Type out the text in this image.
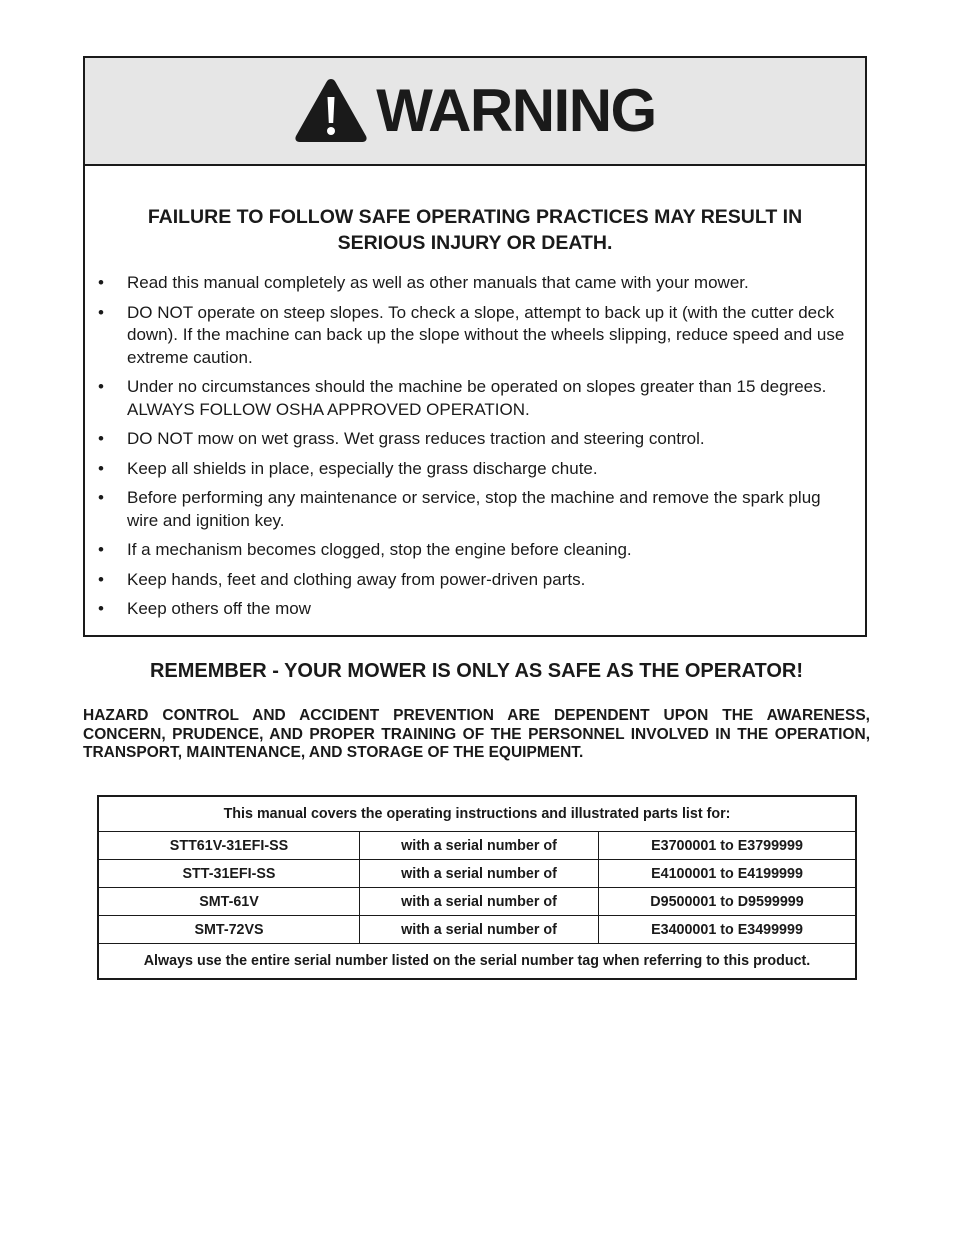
WARNING
FAILURE TO FOLLOW SAFE OPERATING PRACTICES MAY RESULT IN SERIOUS INJURY OR DEATH.
• Read this manual completely as well as other manuals that came with your mower.
• DO NOT operate on steep slopes. To check a slope, attempt to back up it (with the cutter deck down). If the machine can back up the slope without the wheels slipping, reduce speed and use extreme caution.
• Under no circumstances should the machine be operated on slopes greater than 15 degrees. ALWAYS FOLLOW OSHA APPROVED OPERATION.
• DO NOT mow on wet grass. Wet grass reduces traction and steering control.
• Keep all shields in place, especially the grass discharge chute.
• Before performing any maintenance or service, stop the machine and remove the spark plug wire and ignition key.
• If a mechanism becomes clogged, stop the engine before cleaning.
• Keep hands, feet and clothing away from power-driven parts.
• Keep others off the mow
REMEMBER - YOUR MOWER IS ONLY AS SAFE AS THE OPERATOR!
HAZARD CONTROL AND ACCIDENT PREVENTION ARE DEPENDENT UPON THE AWARENESS, CONCERN, PRUDENCE, AND PROPER TRAINING OF THE PERSONNEL INVOLVED IN THE OPERATION, TRANSPORT, MAINTENANCE, AND STORAGE OF THE EQUIPMENT.
This manual covers the operating instructions and illustrated parts list for:		
STT61V-31EFI-SS	with a serial number of	E3700001 to E3799999
STT-31EFI-SS	with a serial number of	E4100001 to E4199999
SMT-61V	with a serial number of	D9500001 to D9599999
SMT-72VS	with a serial number of	E3400001 to E3499999
Always use the entire serial number listed on the serial number tag when referring to this product.		
